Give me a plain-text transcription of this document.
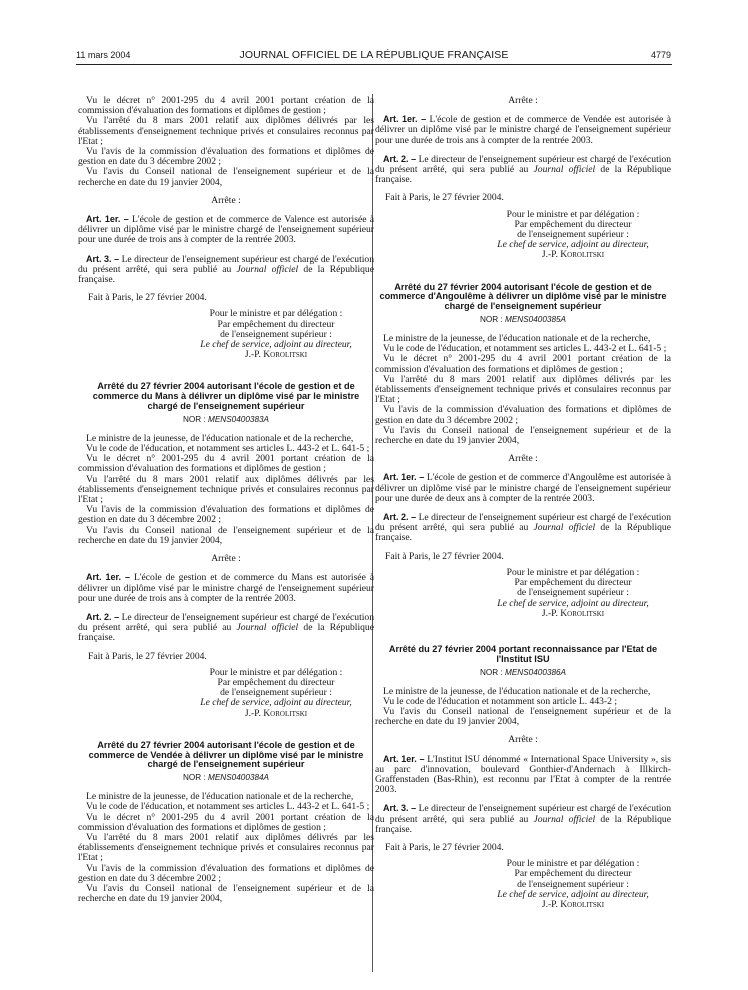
11 mars 2004	JOURNAL OFFICIEL DE LA RÉPUBLIQUE FRANÇAISE	4779

Vu le décret n° 2001-295 du 4 avril 2001 portant création de la commission d'évaluation des formations et diplômes de gestion ;

Vu l'arrêté du 8 mars 2001 relatif aux diplômes délivrés par les établissements d'enseignement technique privés et consulaires reconnus par l'Etat ;

Vu l'avis de la commission d'évaluation des formations et diplômes de gestion en date du 3 décembre 2002 ;

Vu l'avis du Conseil national de l'enseignement supérieur et de la recherche en date du 19 janvier 2004,

Arrête :

Art. 1er. – L'école de gestion et de commerce de Valence est autorisée à délivrer un diplôme visé par le ministre chargé de l'enseignement supérieur pour une durée de trois ans à compter de la rentrée 2003.

Art. 3. – Le directeur de l'enseignement supérieur est chargé de l'exécution du présent arrêté, qui sera publié au Journal officiel de la République française.

Fait à Paris, le 27 février 2004.

Pour le ministre et par délégation :
Par empêchement du directeur
de l'enseignement supérieur :
Le chef de service, adjoint au directeur,
J.-P. Korolitski

Arrêté du 27 février 2004 autorisant l'école de gestion et de commerce du Mans à délivrer un diplôme visé par le ministre chargé de l'enseignement supérieur

NOR : MENS0400383A

Le ministre de la jeunesse, de l'éducation nationale et de la recherche,

Vu le code de l'éducation, et notamment ses articles L. 443-2 et L. 641-5 ;

Vu le décret n° 2001-295 du 4 avril 2001 portant création de la commission d'évaluation des formations et diplômes de gestion ;

Vu l'arrêté du 8 mars 2001 relatif aux diplômes délivrés par les établissements d'enseignement technique privés et consulaires reconnus par l'Etat ;

Vu l'avis de la commission d'évaluation des formations et diplômes de gestion en date du 3 décembre 2002 ;

Vu l'avis du Conseil national de l'enseignement supérieur et de la recherche en date du 19 janvier 2004,

Arrête :

Art. 1er. – L'école de gestion et de commerce du Mans est autorisée à délivrer un diplôme visé par le ministre chargé de l'enseignement supérieur pour une durée de trois ans à compter de la rentrée 2003.

Art. 2. – Le directeur de l'enseignement supérieur est chargé de l'exécution du présent arrêté, qui sera publié au Journal officiel de la République française.

Fait à Paris, le 27 février 2004.

Pour le ministre et par délégation :
Par empêchement du directeur
de l'enseignement supérieur :
Le chef de service, adjoint au directeur,
J.-P. Korolitski

Arrêté du 27 février 2004 autorisant l'école de gestion et de commerce de Vendée à délivrer un diplôme visé par le ministre chargé de l'enseignement supérieur

NOR : MENS0400384A

Le ministre de la jeunesse, de l'éducation nationale et de la recherche,

Vu le code de l'éducation, et notamment ses articles L. 443-2 et L. 641-5 ;

Vu le décret n° 2001-295 du 4 avril 2001 portant création de la commission d'évaluation des formations et diplômes de gestion ;

Vu l'arrêté du 8 mars 2001 relatif aux diplômes délivrés par les établissements d'enseignement technique privés et consulaires reconnus par l'Etat ;

Vu l'avis de la commission d'évaluation des formations et diplômes de gestion en date du 3 décembre 2002 ;

Vu l'avis du Conseil national de l'enseignement supérieur et de la recherche en date du 19 janvier 2004,

Arrête :

Art. 1er. – L'école de gestion et de commerce de Vendée est autorisée à délivrer un diplôme visé par le ministre chargé de l'enseignement supérieur pour une durée de trois ans à compter de la rentrée 2003.

Art. 2. – Le directeur de l'enseignement supérieur est chargé de l'exécution du présent arrêté, qui sera publié au Journal officiel de la République française.

Fait à Paris, le 27 février 2004.

Pour le ministre et par délégation :
Par empêchement du directeur
de l'enseignement supérieur :
Le chef de service, adjoint au directeur,
J.-P. Korolitski

Arrêté du 27 février 2004 autorisant l'école de gestion et de commerce d'Angoulême à délivrer un diplôme visé par le ministre chargé de l'enseignement supérieur

NOR : MENS0400385A

Le ministre de la jeunesse, de l'éducation nationale et de la recherche,

Vu le code de l'éducation, et notamment ses articles L. 443-2 et L. 641-5 ;

Vu le décret n° 2001-295 du 4 avril 2001 portant création de la commission d'évaluation des formations et diplômes de gestion ;

Vu l'arrêté du 8 mars 2001 relatif aux diplômes délivrés par les établissements d'enseignement technique privés et consulaires reconnus par l'Etat ;

Vu l'avis de la commission d'évaluation des formations et diplômes de gestion en date du 3 décembre 2002 ;

Vu l'avis du Conseil national de l'enseignement supérieur et de la recherche en date du 19 janvier 2004,

Arrête :

Art. 1er. – L'école de gestion et de commerce d'Angoulême est autorisée à délivrer un diplôme visé par le ministre chargé de l'enseignement supérieur pour une durée de deux ans à compter de la rentrée 2003.

Art. 2. – Le directeur de l'enseignement supérieur est chargé de l'exécution du présent arrêté, qui sera publié au Journal officiel de la République française.

Fait à Paris, le 27 février 2004.

Pour le ministre et par délégation :
Par empêchement du directeur
de l'enseignement supérieur :
Le chef de service, adjoint au directeur,
J.-P. Korolitski

Arrêté du 27 février 2004 portant reconnaissance par l'Etat de l'Institut ISU

NOR : MENS0400386A

Le ministre de la jeunesse, de l'éducation nationale et de la recherche,

Vu le code de l'éducation et notamment son article L. 443-2 ;

Vu l'avis du Conseil national de l'enseignement supérieur et de la recherche en date du 19 janvier 2004,

Arrête :

Art. 1er. – L'Institut ISU dénommé « International Space University », sis au parc d'innovation, boulevard Gonthier-d'Andernach à Illkirch-Graffenstaden (Bas-Rhin), est reconnu par l'Etat à compter de la rentrée 2003.

Art. 3. – Le directeur de l'enseignement supérieur est chargé de l'exécution du présent arrêté, qui sera publié au Journal officiel de la République française.

Fait à Paris, le 27 février 2004.

Pour le ministre et par délégation :
Par empêchement du directeur
de l'enseignement supérieur :
Le chef de service, adjoint au directeur,
J.-P. Korolitski
